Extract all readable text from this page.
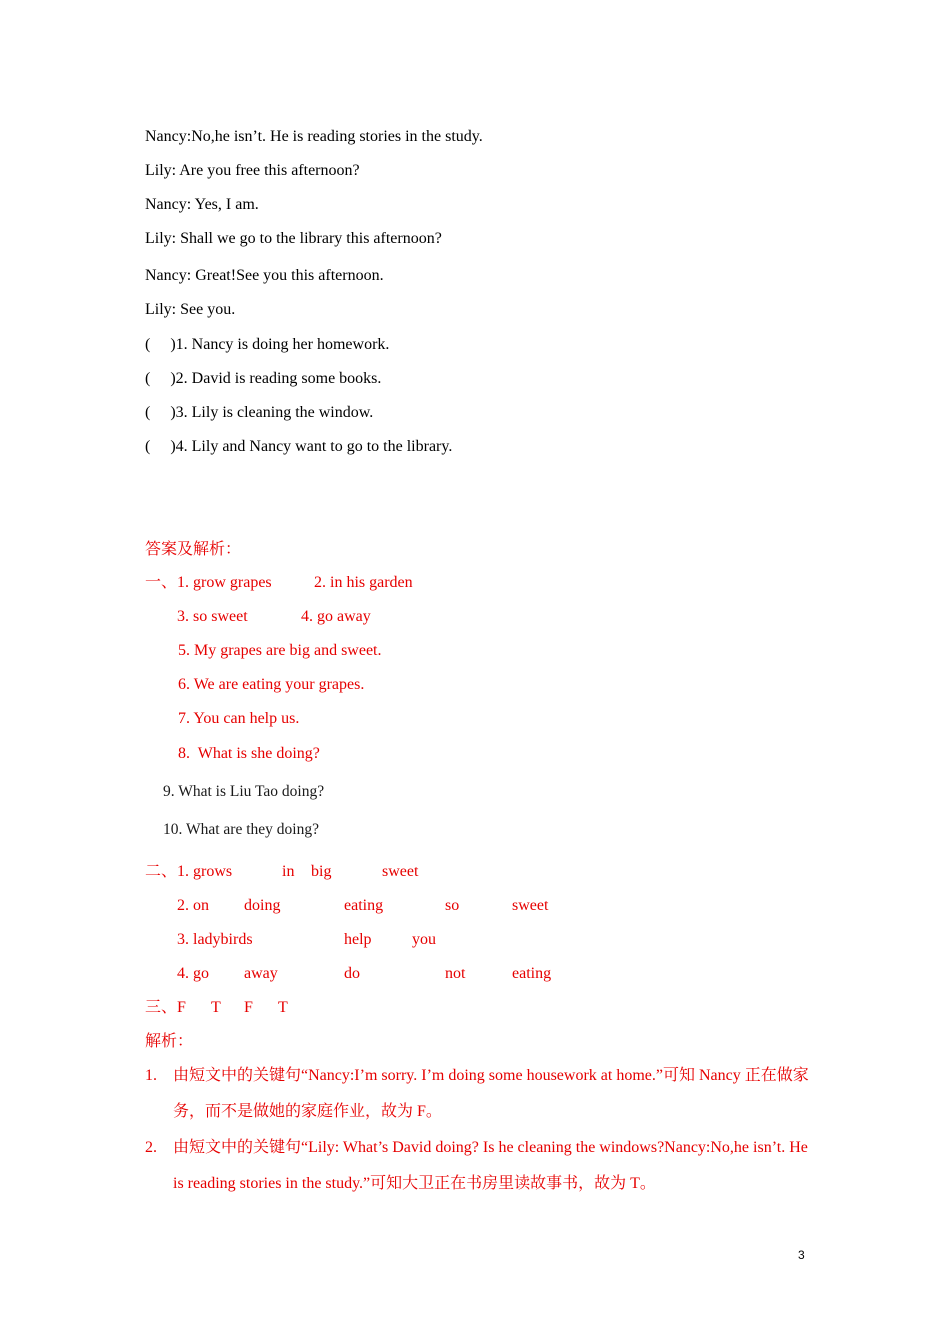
Nancy:No,he isn’t. He is reading stories in the study.
Lily: Are you free this afternoon?
Nancy: Yes, I am.
Lily: Shall we go to the library this afternoon?
Nancy: Great!See you this afternoon.
Lily: See you.
(     )1. Nancy is doing her homework.
(     )2. David is reading some books.
(     )3. Lily is cleaning the window.
(     )4. Lily and Nancy want to go to the library.
答案及解析：
一、 1. grow grapes	2. in his garden
3. so sweet	4. go away
5. My grapes are big and sweet.
6. We are eating your grapes.
7. You can help us.
8.  What is she doing?
9. What is Liu Tao doing?
10. What are they doing?
二、 1. grows	in big	sweet
2. on doing	eating	so	sweet
3. ladybirds	help	you
4. go away	do	not	eating
三、 F T F T
解析：
1. 由短文中的关键句“Nancy:I’m sorry. I’m doing some housework at home.”可知 Nancy 正在做家务，而不是做她的家庭作业，故为 F。
2. 由短文中的关键句“Lily: What’s David doing? Is he cleaning the windows?Nancy:No,he isn’t. He is reading stories in the study.”可知大卫正在书房里读故事书，故为 T。
3
